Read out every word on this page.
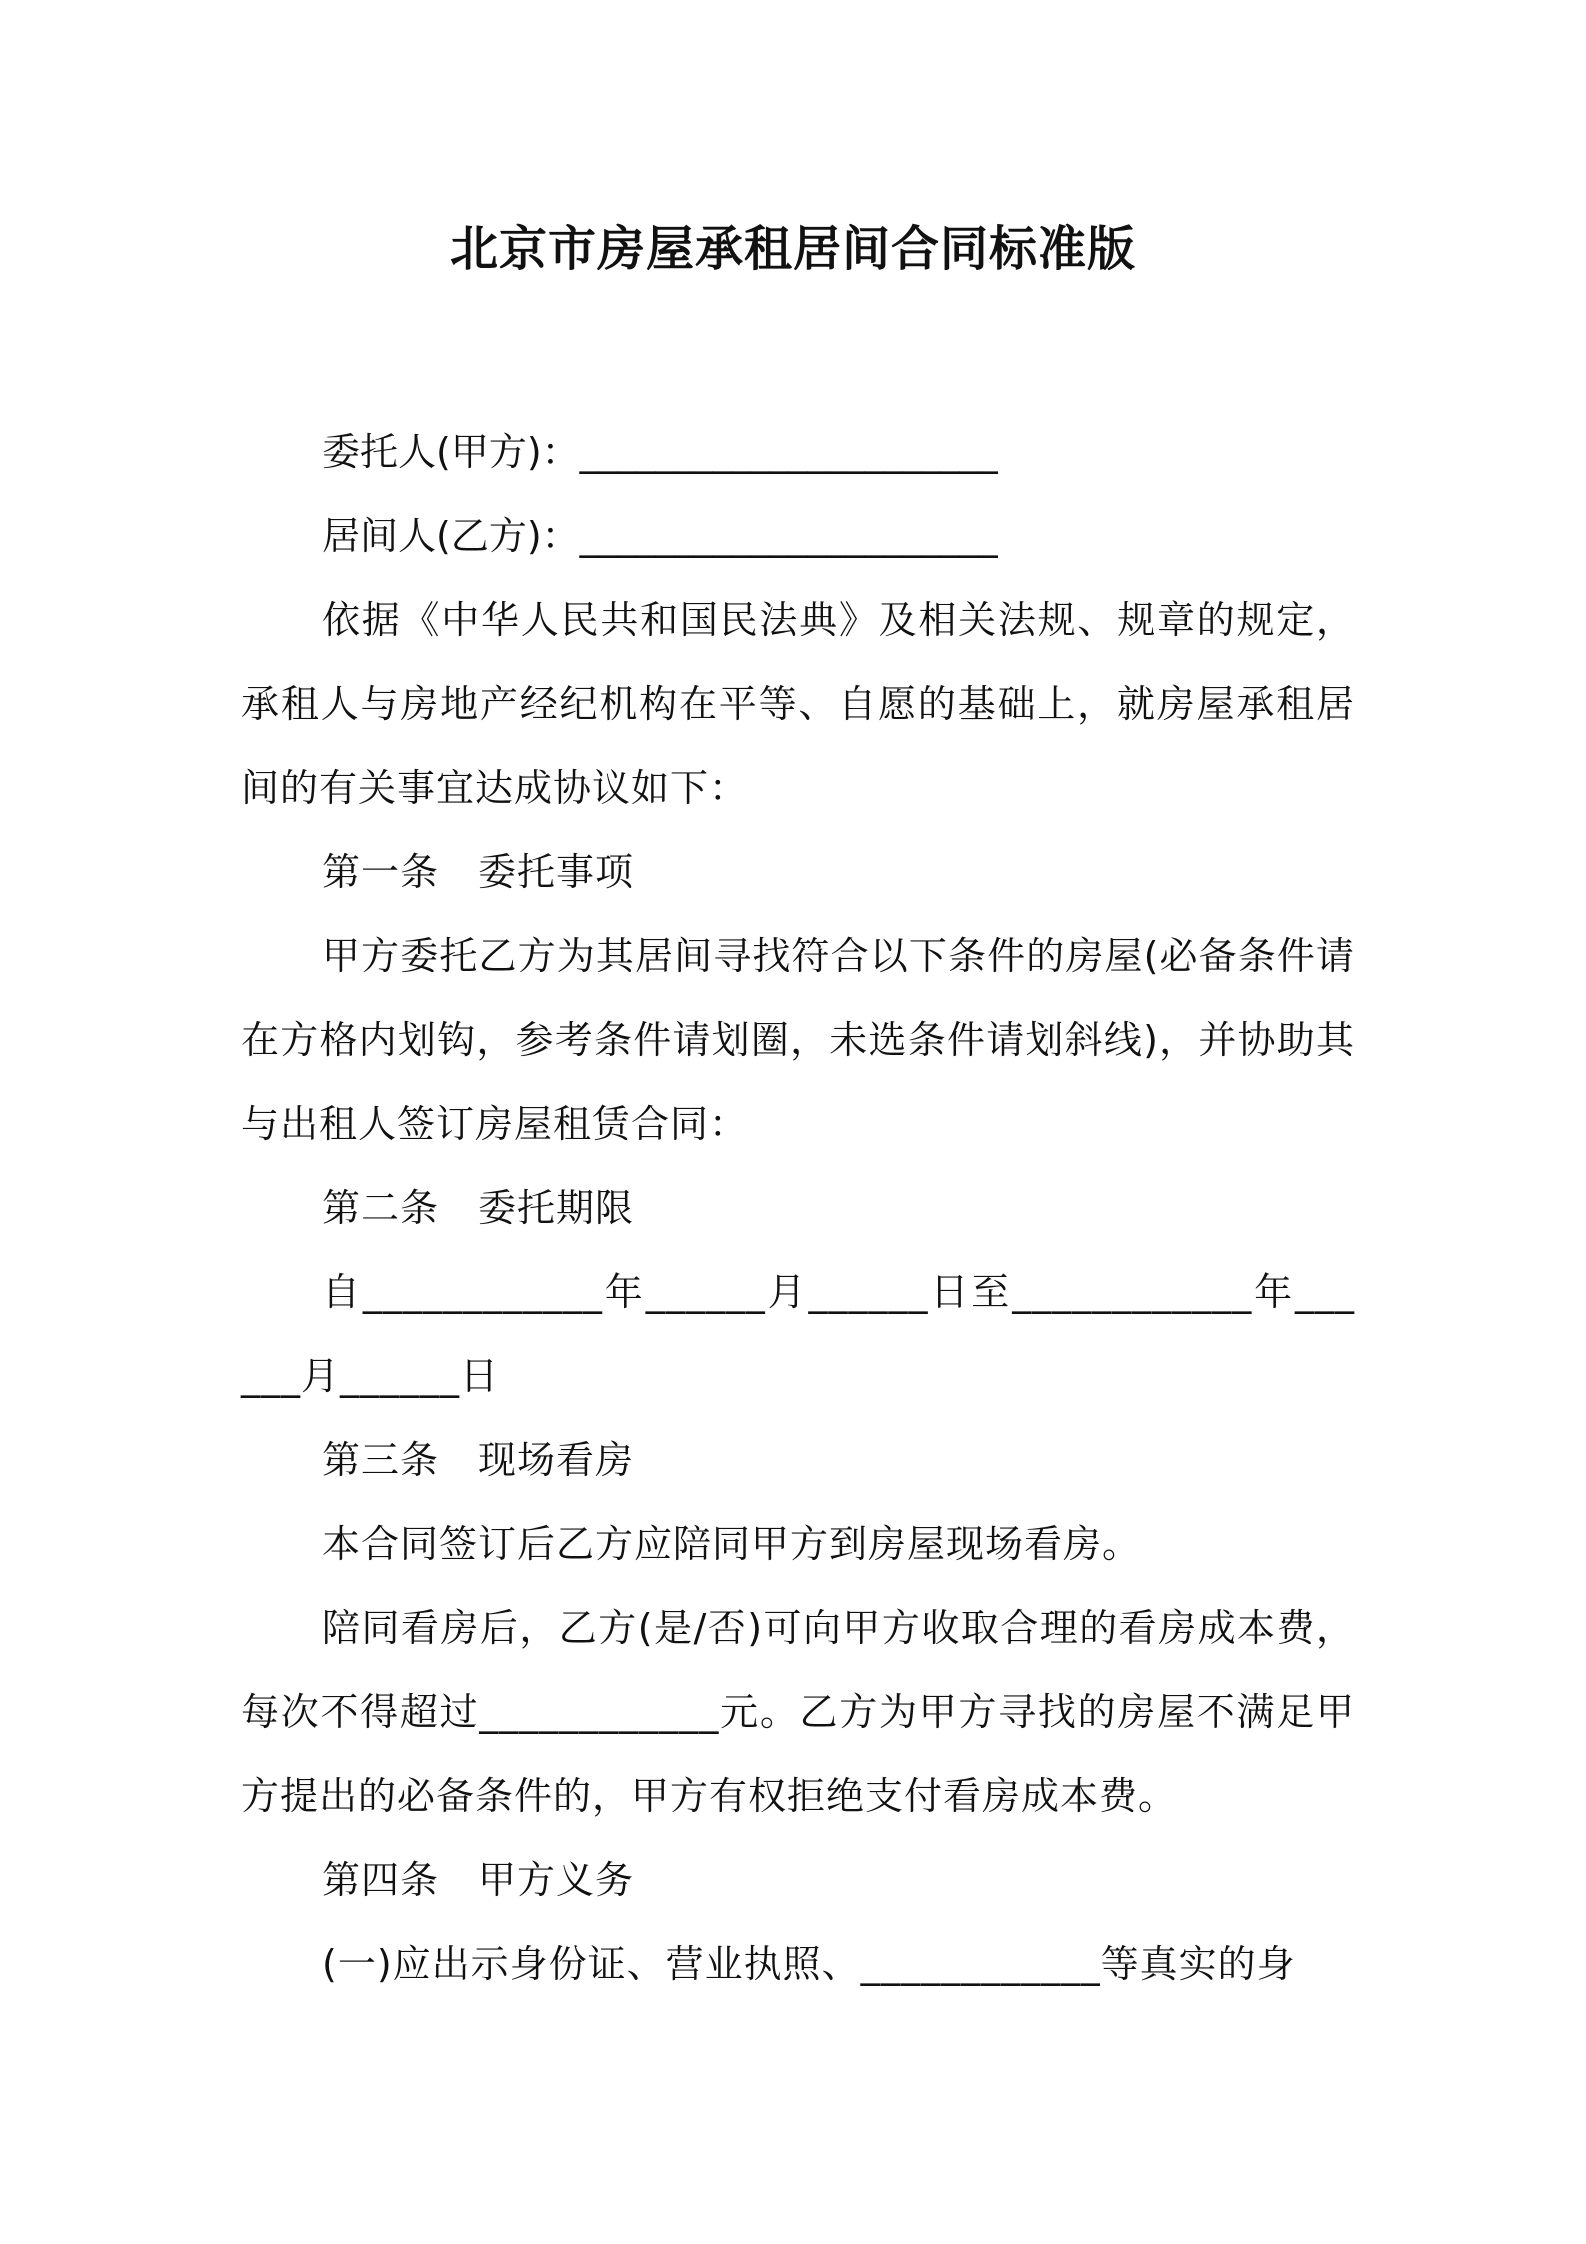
北京市房屋承租居间合同标准版

委托人(甲方)：______________________

居间人(乙方)：______________________

依据《中华人民共和国民法典》及相关法规、规章的规定，承租人与房地产经纪机构在平等、自愿的基础上，就房屋承租居间的有关事宜达成协议如下：

第一条　委托事项

甲方委托乙方为其居间寻找符合以下条件的房屋(必备条件请在方格内划钩，参考条件请划圈，未选条件请划斜线)，并协助其与出租人签订房屋租赁合同：

第二条　委托期限

自____________年______月______日至____________年______月______日

第三条　现场看房

本合同签订后乙方应陪同甲方到房屋现场看房。

陪同看房后，乙方(是/否)可向甲方收取合理的看房成本费，每次不得超过____________元。乙方为甲方寻找的房屋不满足甲方提出的必备条件的，甲方有权拒绝支付看房成本费。

第四条　甲方义务

(一)应出示身份证、营业执照、____________等真实的身
